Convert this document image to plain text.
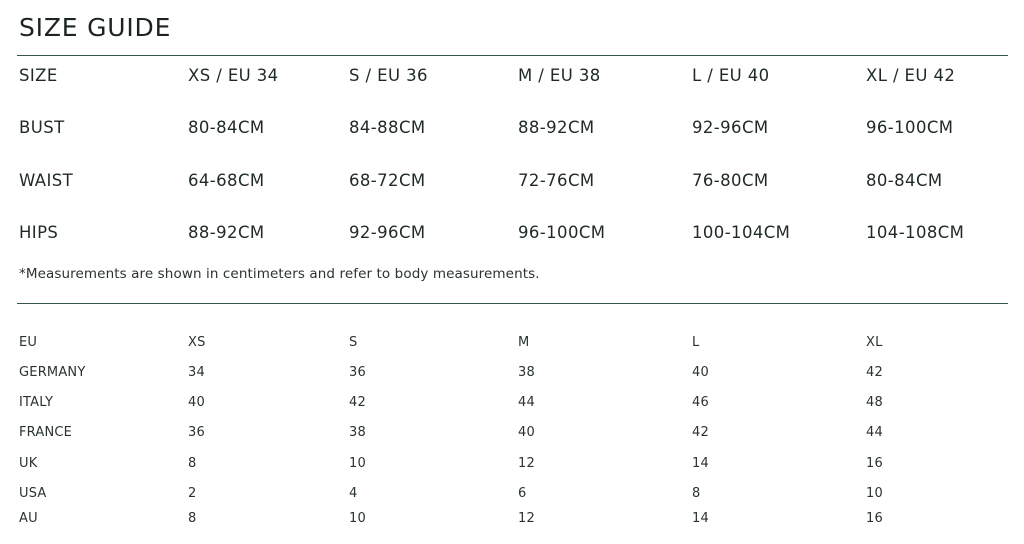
SIZE GUIDE
SIZE	XS / EU 34	S / EU 36	M / EU 38	L / EU 40	XL / EU 42
BUST	80-84CM	84-88CM	88-92CM	92-96CM	96-100CM
WAIST	64-68CM	68-72CM	72-76CM	76-80CM	80-84CM
HIPS	88-92CM	92-96CM	96-100CM	100-104CM	104-108CM
*Measurements are shown in centimeters and refer to body measurements.
EU	XS	S	M	L	XL
GERMANY	34	36	38	40	42
ITALY	40	42	44	46	48
FRANCE	36	38	40	42	44
UK	8	10	12	14	16
USA	2	4	6	8	10
AU	8	10	12	14	16
